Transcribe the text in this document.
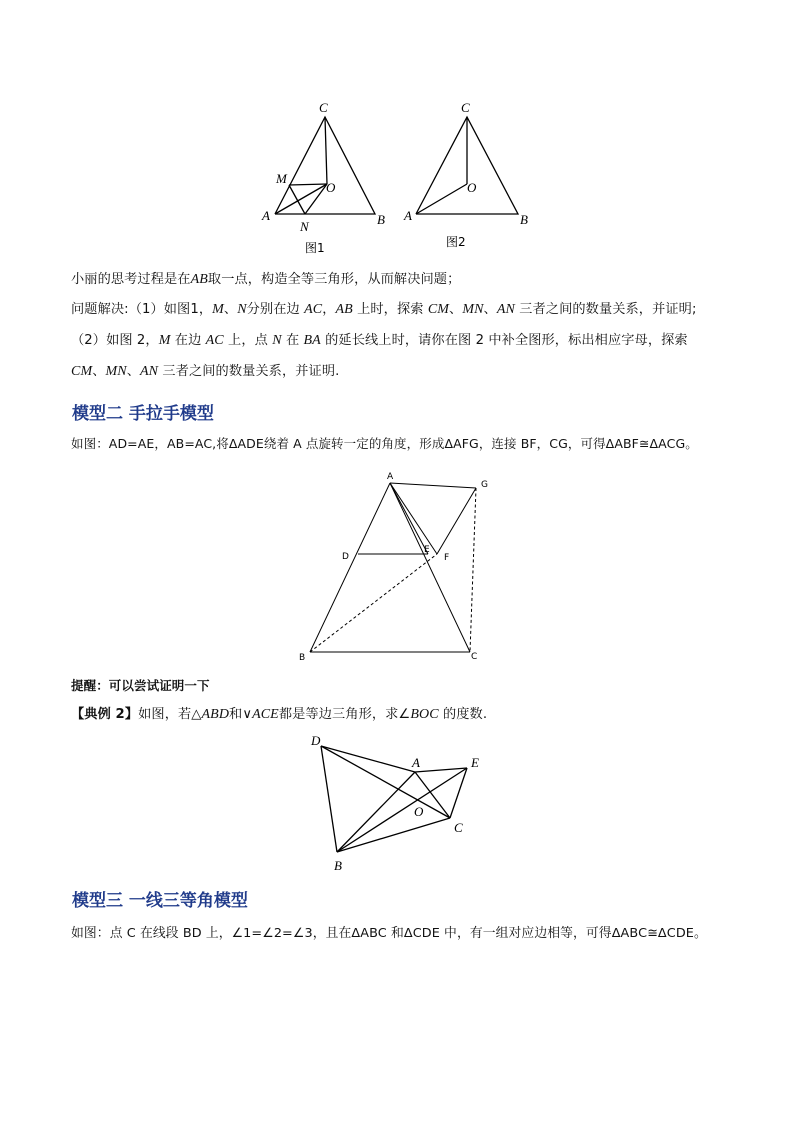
C
M
O
A
N	B
图1
C
O
A	B
图2
小丽的思考过程是在AB取一点，构造全等三角形，从而解决问题；
问题解决:（1）如图1，M、N分别在边 AC，AB 上时，探索 CM、MN、AN 三者之间的数量关系，并证明;
（2）如图 2，M 在边 AC 上，点 N 在 BA 的延长线上时，请你在图 2 中补全图形，标出相应字母，探索
CM、MN、AN 三者之间的数量关系，并证明.
模型二 手拉手模型
如图：AD=AE，AB=AC,将ΔADE绕着 A 点旋转一定的角度，形成ΔAFG，连接 BF，CG，可得ΔABF≅ΔACG。
A
G
D
E
F
B	C
提醒：可以尝试证明一下
【典例 2】如图，若△ABD和∨ACE都是等边三角形，求∠BOC 的度数.
D
A	E
O
C
B
模型三 一线三等角模型
如图：点 C 在线段 BD 上，∠1=∠2=∠3，且在ΔABC 和ΔCDE 中，有一组对应边相等，可得ΔABC≅ΔCDE。
